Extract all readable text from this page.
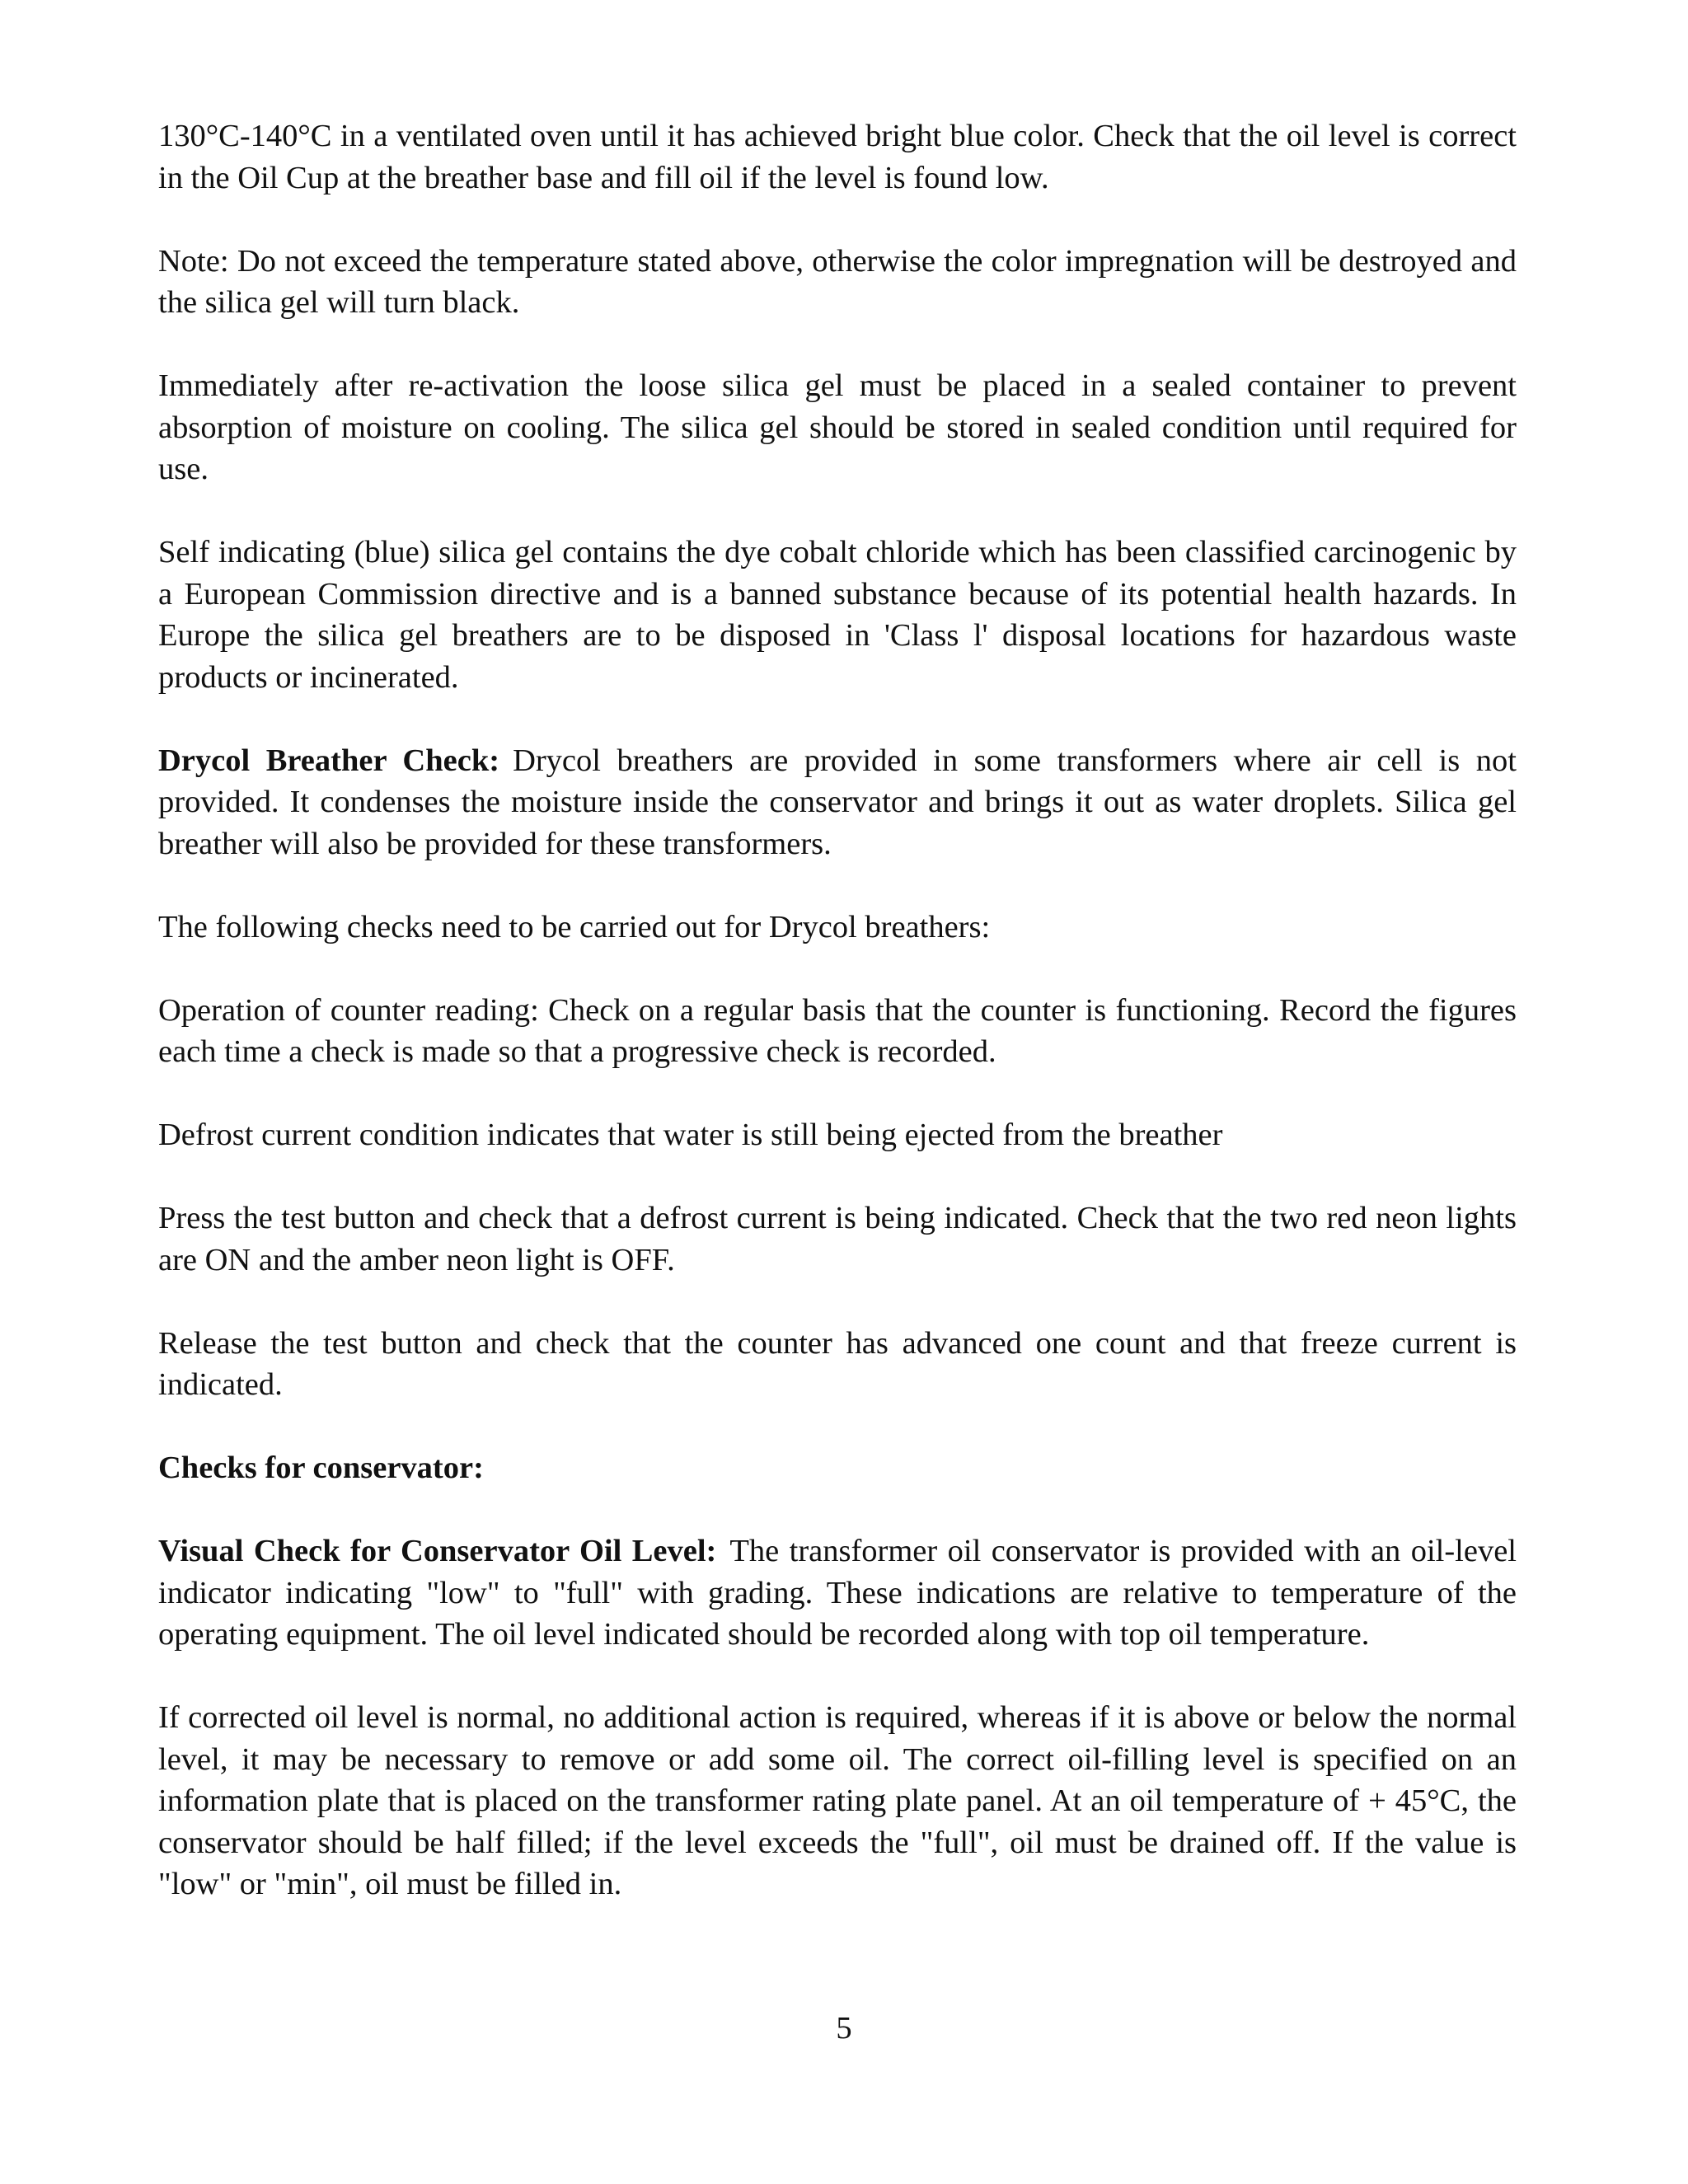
130°C-140°C in a ventilated oven until it has achieved bright blue color. Check that the oil level is correct in the Oil Cup at the breather base and fill oil if the level is found low.

Note: Do not exceed the temperature stated above, otherwise the color impregnation will be destroyed and the silica gel will turn black.

Immediately after re-activation the loose silica gel must be placed in a sealed container to prevent absorption of moisture on cooling. The silica gel should be stored in sealed condition until required for use.

Self indicating (blue) silica gel contains the dye cobalt chloride which has been classified carcinogenic by a European Commission directive and is a banned substance because of its potential health hazards. In Europe the silica gel breathers are to be disposed in 'Class l' disposal locations for hazardous waste products or incinerated.

Drycol Breather Check: Drycol breathers are provided in some transformers where air cell is not provided. It condenses the moisture inside the conservator and brings it out as water droplets. Silica gel breather will also be provided for these transformers.

The following checks need to be carried out for Drycol breathers:

Operation of counter reading: Check on a regular basis that the counter is functioning. Record the figures each time a check is made so that a progressive check is recorded.

Defrost current condition indicates that water is still being ejected from the breather

Press the test button and check that a defrost current is being indicated. Check that the two red neon lights are ON and the amber neon light is OFF.

Release the test button and check that the counter has advanced one count and that freeze current is indicated.

Checks for conservator:

Visual Check for Conservator Oil Level: The transformer oil conservator is provided with an oil-level indicator indicating "low" to "full" with grading. These indications are relative to temperature of the operating equipment. The oil level indicated should be recorded along with top oil temperature.

If corrected oil level is normal, no additional action is required, whereas if it is above or below the normal level, it may be necessary to remove or add some oil. The correct oil-filling level is specified on an information plate that is placed on the transformer rating plate panel. At an oil temperature of + 45°C, the conservator should be half filled; if the level exceeds the "full", oil must be drained off. If the value is "low" or "min", oil must be filled in.

5
